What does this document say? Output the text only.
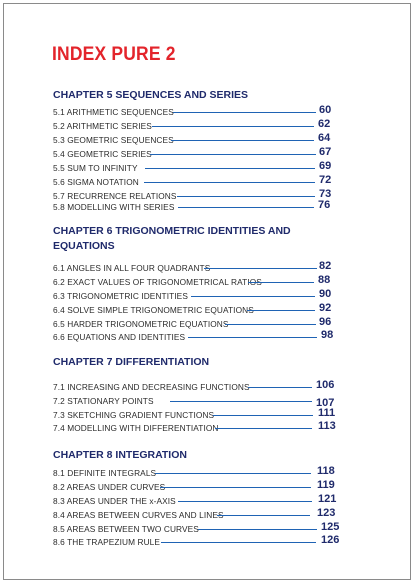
INDEX PURE 2
CHAPTER 5 SEQUENCES AND SERIES
5.1 ARITHMETIC SEQUENCES	60
5.2 ARITHMETIC SERIES	62
5.3 GEOMETRIC SEQUENCES	64
5.4 GEOMETRIC SERIES	67
5.5 SUM TO INFINITY	69
5.6 SIGMA NOTATION	72
5.7 RECURRENCE RELATIONS	73
5.8 MODELLING WITH SERIES	76
CHAPTER 6 TRIGONOMETRIC IDENTITIES AND
EQUATIONS
6.1 ANGLES IN ALL FOUR QUADRANTS	82
6.2 EXACT VALUES OF TRIGONOMETRICAL RATIOS	88
6.3 TRIGONOMETRIC IDENTITIES	90
6.4 SOLVE SIMPLE TRIGONOMETRIC EQUATIONS	92
6.5 HARDER TRIGONOMETRIC EQUATIONS	96
6.6 EQUATIONS AND IDENTITIES	98
CHAPTER 7 DIFFERENTIATION
7.1 INCREASING AND DECREASING FUNCTIONS	106
7.2 STATIONARY POINTS	107
7.3 SKETCHING GRADIENT FUNCTIONS	111
7.4 MODELLING WITH DIFFERENTIATION	113
CHAPTER 8 INTEGRATION
8.1 DEFINITE INTEGRALS	118
8.2 AREAS UNDER CURVES	119
8.3 AREAS UNDER THE x-AXIS	121
8.4 AREAS BETWEEN CURVES AND LINES	123
8.5 AREAS BETWEEN TWO CURVES	125
8.6 THE TRAPEZIUM RULE	126
